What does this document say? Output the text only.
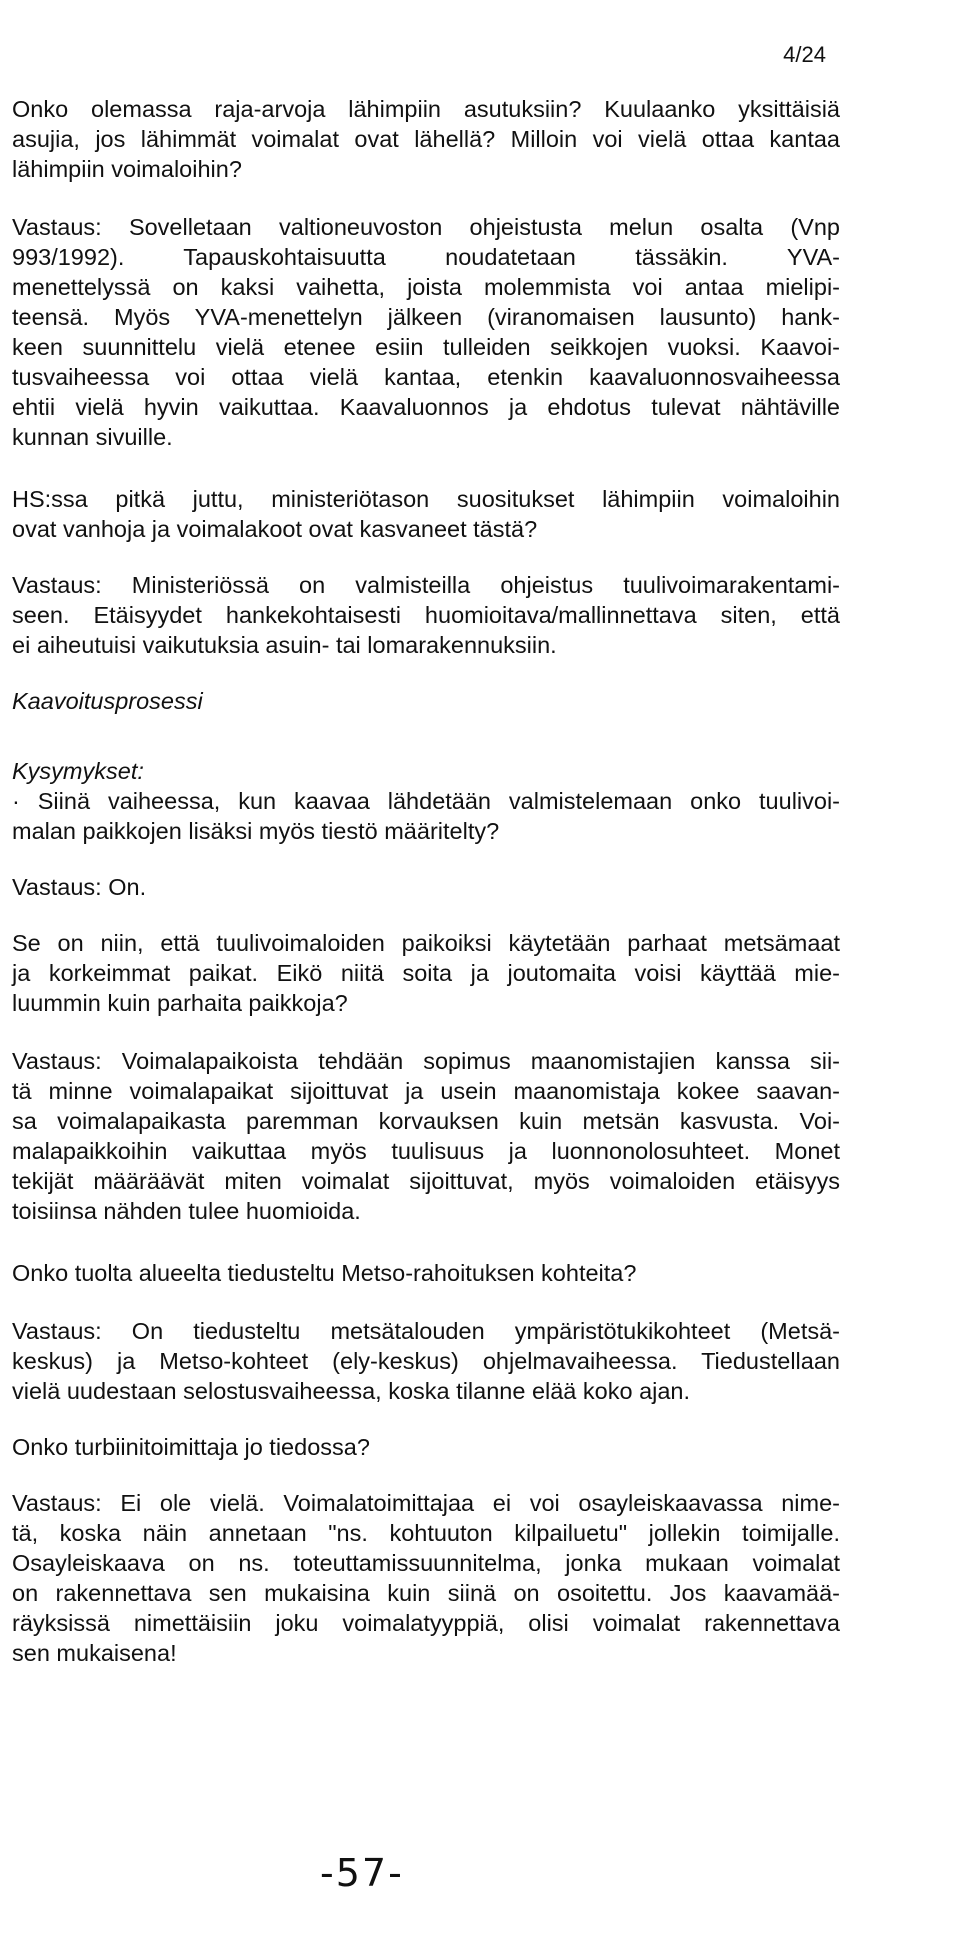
4/24
Onko olemassa raja-arvoja lähimpiin asutuksiin? Kuulaanko yksittäisiä
asujia, jos lähimmät voimalat ovat lähellä? Milloin voi vielä ottaa kantaa
lähimpiin voimaloihin?
Vastaus: Sovelletaan valtioneuvoston ohjeistusta melun osalta (Vnp
993/1992). Tapauskohtaisuutta noudatetaan tässäkin. YVA-
menettelyssä on kaksi vaihetta, joista molemmista voi antaa mielipi-
teensä. Myös YVA-menettelyn jälkeen (viranomaisen lausunto) hank-
keen suunnittelu vielä etenee esiin tulleiden seikkojen vuoksi. Kaavoi-
tusvaiheessa voi ottaa vielä kantaa, etenkin kaavaluonnosvaiheessa
ehtii vielä hyvin vaikuttaa. Kaavaluonnos ja ehdotus tulevat nähtäville
kunnan sivuille.
HS:ssa pitkä juttu, ministeriötason suositukset lähimpiin voimaloihin
ovat vanhoja ja voimalakoot ovat kasvaneet tästä?
Vastaus: Ministeriössä on valmisteilla ohjeistus tuulivoimarakentami-
seen. Etäisyydet hankekohtaisesti huomioitava/mallinnettava siten, että
ei aiheutuisi vaikutuksia asuin- tai lomarakennuksiin.
Kaavoitusprosessi
Kysymykset:
· Siinä vaiheessa, kun kaavaa lähdetään valmistelemaan onko tuulivoi-
malan paikkojen lisäksi myös tiestö määritelty?
Vastaus: On.
Se on niin, että tuulivoimaloiden paikoiksi käytetään parhaat metsämaat
ja korkeimmat paikat. Eikö niitä soita ja joutomaita voisi käyttää mie-
luummin kuin parhaita paikkoja?
Vastaus: Voimalapaikoista tehdään sopimus maanomistajien kanssa sii-
tä minne voimalapaikat sijoittuvat ja usein maanomistaja kokee saavan-
sa voimalapaikasta paremman korvauksen kuin metsän kasvusta. Voi-
malapaikkoihin vaikuttaa myös tuulisuus ja luonnonolosuhteet. Monet
tekijät määräävät miten voimalat sijoittuvat, myös voimaloiden etäisyys
toisiinsa nähden tulee huomioida.
Onko tuolta alueelta tiedusteltu Metso-rahoituksen kohteita?
Vastaus: On tiedusteltu metsätalouden ympäristötukikohteet (Metsä-
keskus) ja Metso-kohteet (ely-keskus) ohjelmavaiheessa. Tiedustellaan
vielä uudestaan selostusvaiheessa, koska tilanne elää koko ajan.
Onko turbiinitoimittaja jo tiedossa?
Vastaus: Ei ole vielä. Voimalatoimittajaa ei voi osayleiskaavassa nime-
tä, koska näin annetaan "ns. kohtuuton kilpailuetu" jollekin toimijalle.
Osayleiskaava on ns. toteuttamissuunnitelma, jonka mukaan voimalat
on rakennettava sen mukaisina kuin siinä on osoitettu. Jos kaavamää-
räyksissä nimettäisiin joku voimalatyyppiä, olisi voimalat rakennettava
sen mukaisena!
-57-
